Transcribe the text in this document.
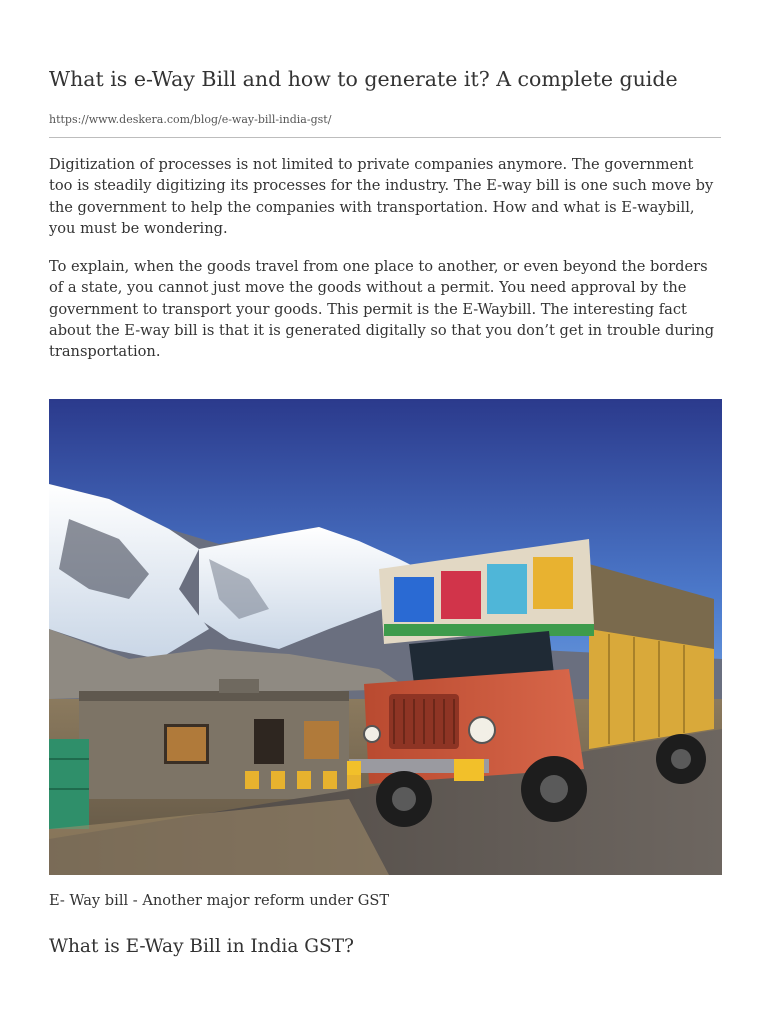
What is e-Way Bill and how to generate it? A complete guide
https://www.deskera.com/blog/e-way-bill-india-gst/

Digitization of processes is not limited to private companies anymore. The government too is steadily digitizing its processes for the industry. The E-way bill is one such move by the government to help the companies with transportation. How and what is E-waybill, you must be wondering.

To explain, when the goods travel from one place to another, or even beyond the borders of a state, you cannot just move the goods without a permit. You need approval by the government to transport your goods. This permit is the E-Waybill. The interesting fact about the E-way bill is that it is generated digitally so that you don’t get in trouble during transportation.

E- Way bill - Another major reform under GST
What is E-Way Bill in India GST?
